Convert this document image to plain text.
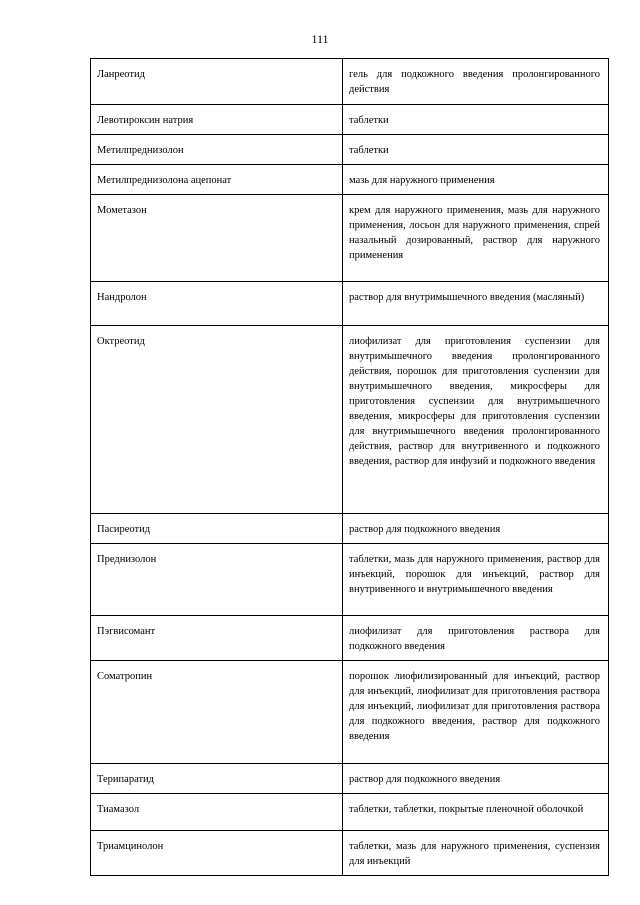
111
Ланреотид	гель для подкожного введения пролонгированного действия
Левотироксин натрия	таблетки
Метилпреднизолон	таблетки
Метилпреднизолона ацепонат	мазь для наружного применения
Мометазон	крем для наружного применения, мазь для наружного применения, лосьон для наружного применения, спрей назальный дозированный, раствор для наружного применения
Нандролон	раствор для внутримышечного введения (масляный)
Октреотид	лиофилизат для приготовления суспензии для внутримышечного введения пролонгированного действия, порошок для приготовления суспензии для внутримышечного введения, микросферы для приготовления суспензии для внутримышечного введения, микросферы для приготовления суспензии для внутримышечного введения пролонгированного действия, раствор для внутривенного и подкожного введения, раствор для инфузий и подкожного введения
Пасиреотид	раствор для подкожного введения
Преднизолон	таблетки, мазь для наружного применения, раствор для инъекций, порошок для инъекций, раствор для внутривенного и внутримышечного введения
Пэгвисомант	лиофилизат для приготовления раствора для подкожного введения
Соматропин	порошок лиофилизированный для инъекций, раствор для инъекций, лиофилизат для приготовления раствора для инъекций, лиофилизат для приготовления раствора для подкожного введения, раствор для подкожного введения
Терипаратид	раствор для подкожного введения
Тиамазол	таблетки, таблетки, покрытые пленочной оболочкой
Триамцинолон	таблетки, мазь для наружного применения, суспензия для инъекций
